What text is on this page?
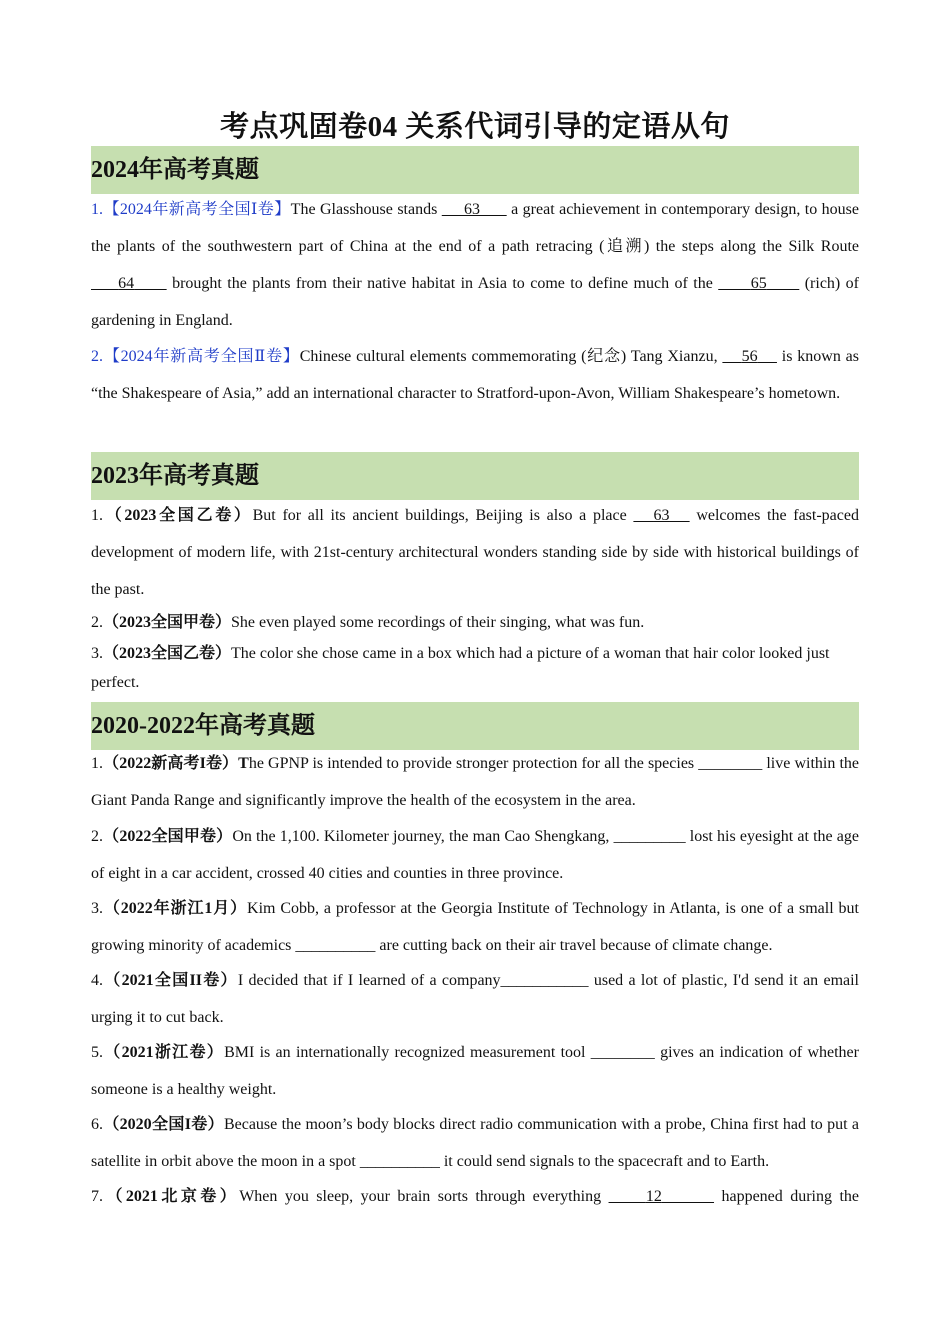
考点巩固卷04 关系代词引导的定语从句
2024年高考真题
1.【2024年新高考全国Ⅰ卷】The Glasshouse stands      63       a great achievement in contemporary design, to house the plants of the southwestern part of China at the end of a path retracing (追溯) the steps along the Silk Route      64       brought the plants from their native habitat in Asia to come to define much of the       65       (rich) of gardening in England.
2.【2024年新高考全国Ⅱ卷】Chinese cultural elements commemorating (纪念) Tang Xianzu,     56     is known as “the Shakespeare of Asia,” add an international character to Stratford-upon-Avon, William Shakespeare’s hometown.
2023年高考真题
1.（2023全国乙卷）But for all its ancient buildings, Beijing is also a place    63    welcomes the fast-paced development of modern life, with 21st-century architectural wonders standing side by side with historical buildings of the past.
2.（2023全国甲卷）She even played some recordings of their singing, what was fun.
3.（2023全国乙卷）The color she chose came in a box which had a picture of a woman that hair color looked just perfect.
2020-2022年高考真题
1.（2022新高考I卷）The GPNP is intended to provide stronger protection for all the species ________ live within the Giant Panda Range and significantly improve the health of the ecosystem in the area.
2.（2022全国甲卷）On the 1,100. Kilometer journey, the man Cao Shengkang, _________ lost his eyesight at the age of eight in a car accident, crossed 40 cities and counties in three province.
3.（2022年浙江1月）Kim Cobb, a professor at the Georgia Institute of Technology in Atlanta, is one of a small but growing minority of academics __________ are cutting back on their air travel because of climate change.
4.（2021全国II卷）I decided that if I learned of a company___________ used a lot of plastic, I'd send it an email urging it to cut back.
5.（2021浙江卷）BMI is an internationally recognized measurement tool ________ gives an indication of whether someone is a healthy weight.
6.（2020全国I卷）Because the moon’s body blocks direct radio communication with a probe, China first had to put a satellite in orbit above the moon in a spot __________ it could send signals to the spacecraft and to Earth.
7.（2021北京卷）When you sleep, your brain sorts through everything      12	happened during the
